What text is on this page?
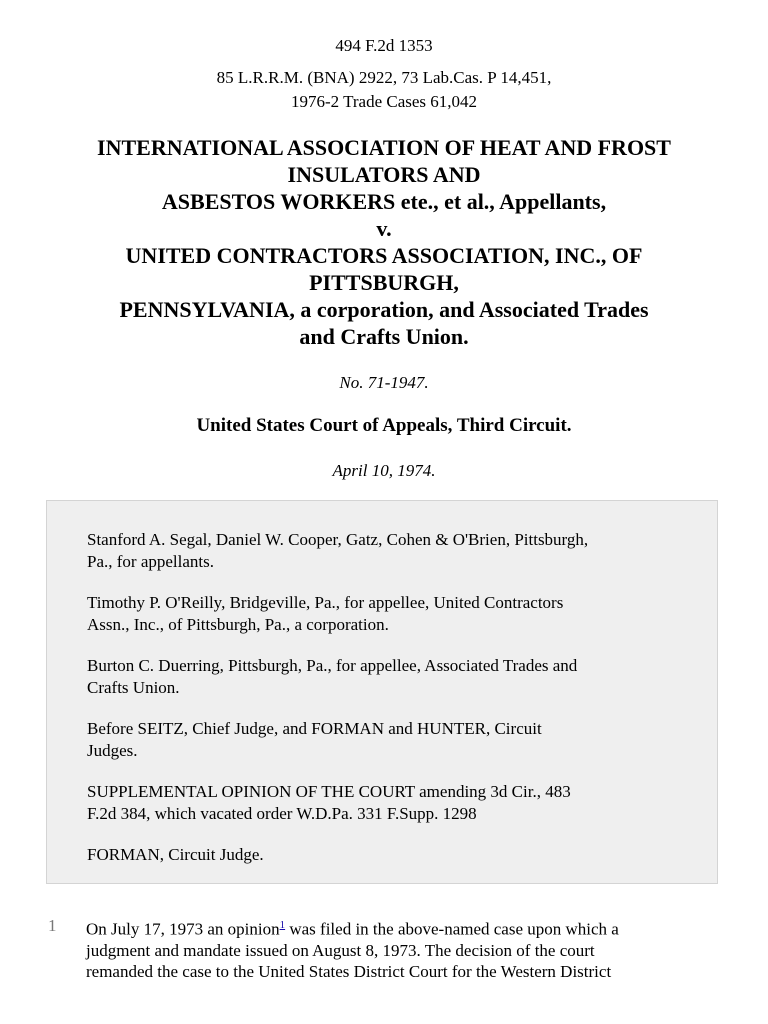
494 F.2d 1353
85 L.R.R.M. (BNA) 2922, 73 Lab.Cas. P 14,451,
1976-2 Trade Cases 61,042
INTERNATIONAL ASSOCIATION OF HEAT AND FROST
INSULATORS AND
ASBESTOS WORKERS ete., et al., Appellants,
v.
UNITED CONTRACTORS ASSOCIATION, INC., OF
PITTSBURGH,
PENNSYLVANIA, a corporation, and Associated Trades
and Crafts Union.
No. 71-1947.
United States Court of Appeals, Third Circuit.
April 10, 1974.

Stanford A. Segal, Daniel W. Cooper, Gatz, Cohen & O'Brien, Pittsburgh,
Pa., for appellants.

Timothy P. O'Reilly, Bridgeville, Pa., for appellee, United Contractors
Assn., Inc., of Pittsburgh, Pa., a corporation.

Burton C. Duerring, Pittsburgh, Pa., for appellee, Associated Trades and
Crafts Union.

Before SEITZ, Chief Judge, and FORMAN and HUNTER, Circuit
Judges.

SUPPLEMENTAL OPINION OF THE COURT amending 3d Cir., 483
F.2d 384, which vacated order W.D.Pa. 331 F.Supp. 1298

FORMAN, Circuit Judge.

1 On July 17, 1973 an opinion$^1$ was filed in the above-named case upon which a
judgment and mandate issued on August 8, 1973. The decision of the court
remanded the case to the United States District Court for the Western District
